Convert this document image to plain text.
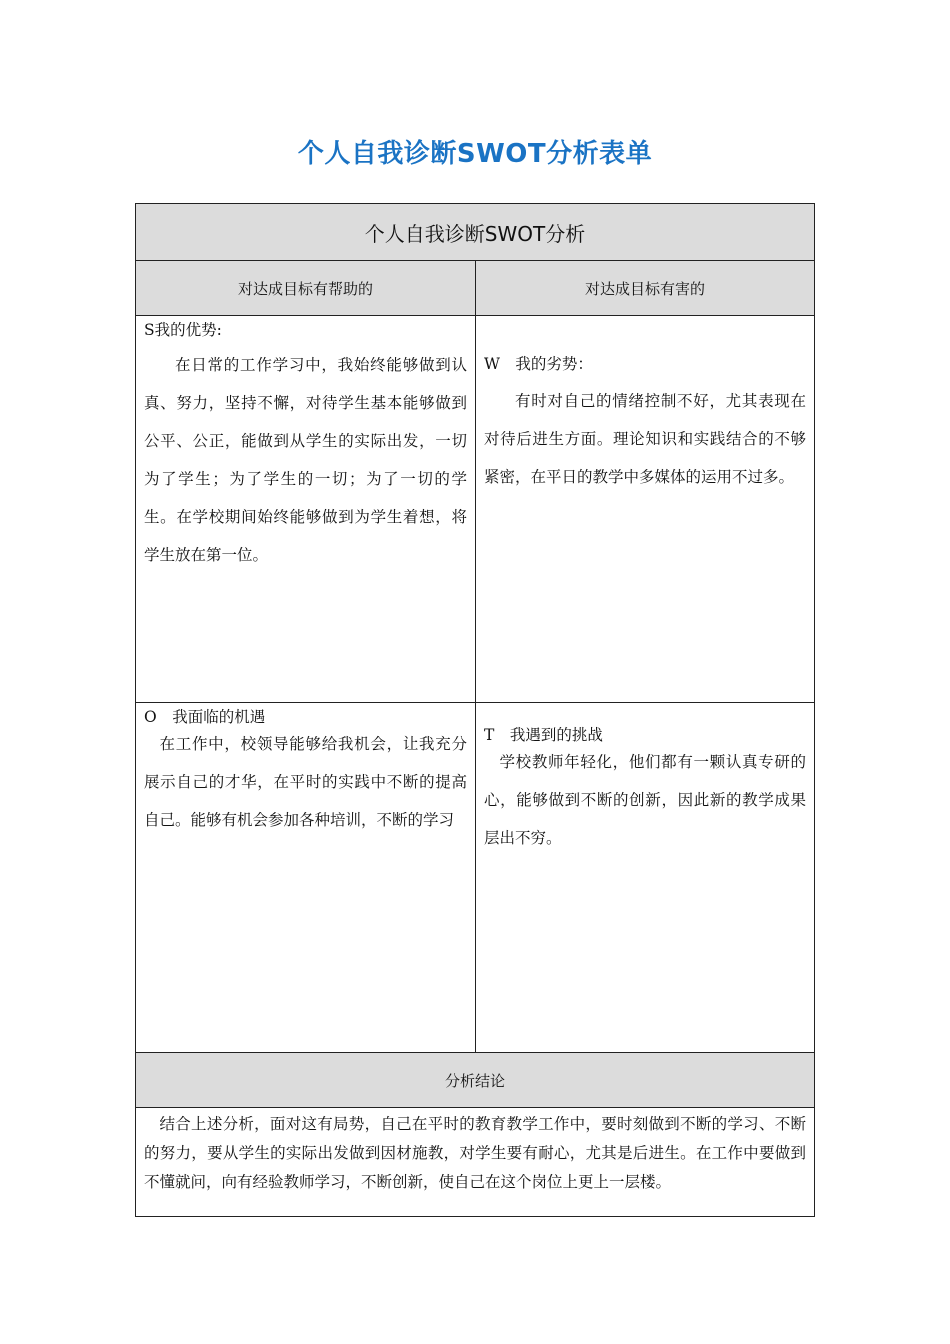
个人自我诊断SWOT分析表单
个人自我诊断SWOT分析
对达成目标有帮助的	对达成目标有害的
S我的优势:
在日常的工作学习中，我始终能够做到认真、努力，坚持不懈，对待学生基本能够做到公平、公正，能做到从学生的实际出发，一切为了学生；为了学生的一切；为了一切的学生。在学校期间始终能够做到为学生着想，将学生放在第一位。
W　我的劣势：
有时对自己的情绪控制不好，尤其表现在对待后进生方面。理论知识和实践结合的不够紧密，在平日的教学中多媒体的运用不过多。
O　我面临的机遇
在工作中，校领导能够给我机会，让我充分展示自己的才华，在平时的实践中不断的提高自己。能够有机会参加各种培训，不断的学习
T　我遇到的挑战
学校教师年轻化，他们都有一颗认真专研的心，能够做到不断的创新，因此新的教学成果层出不穷。
分析结论
结合上述分析，面对这有局势，自己在平时的教育教学工作中，要时刻做到不断的学习、不断的努力，要从学生的实际出发做到因材施教，对学生要有耐心，尤其是后进生。在工作中要做到不懂就问，向有经验教师学习，不断创新，使自己在这个岗位上更上一层楼。
